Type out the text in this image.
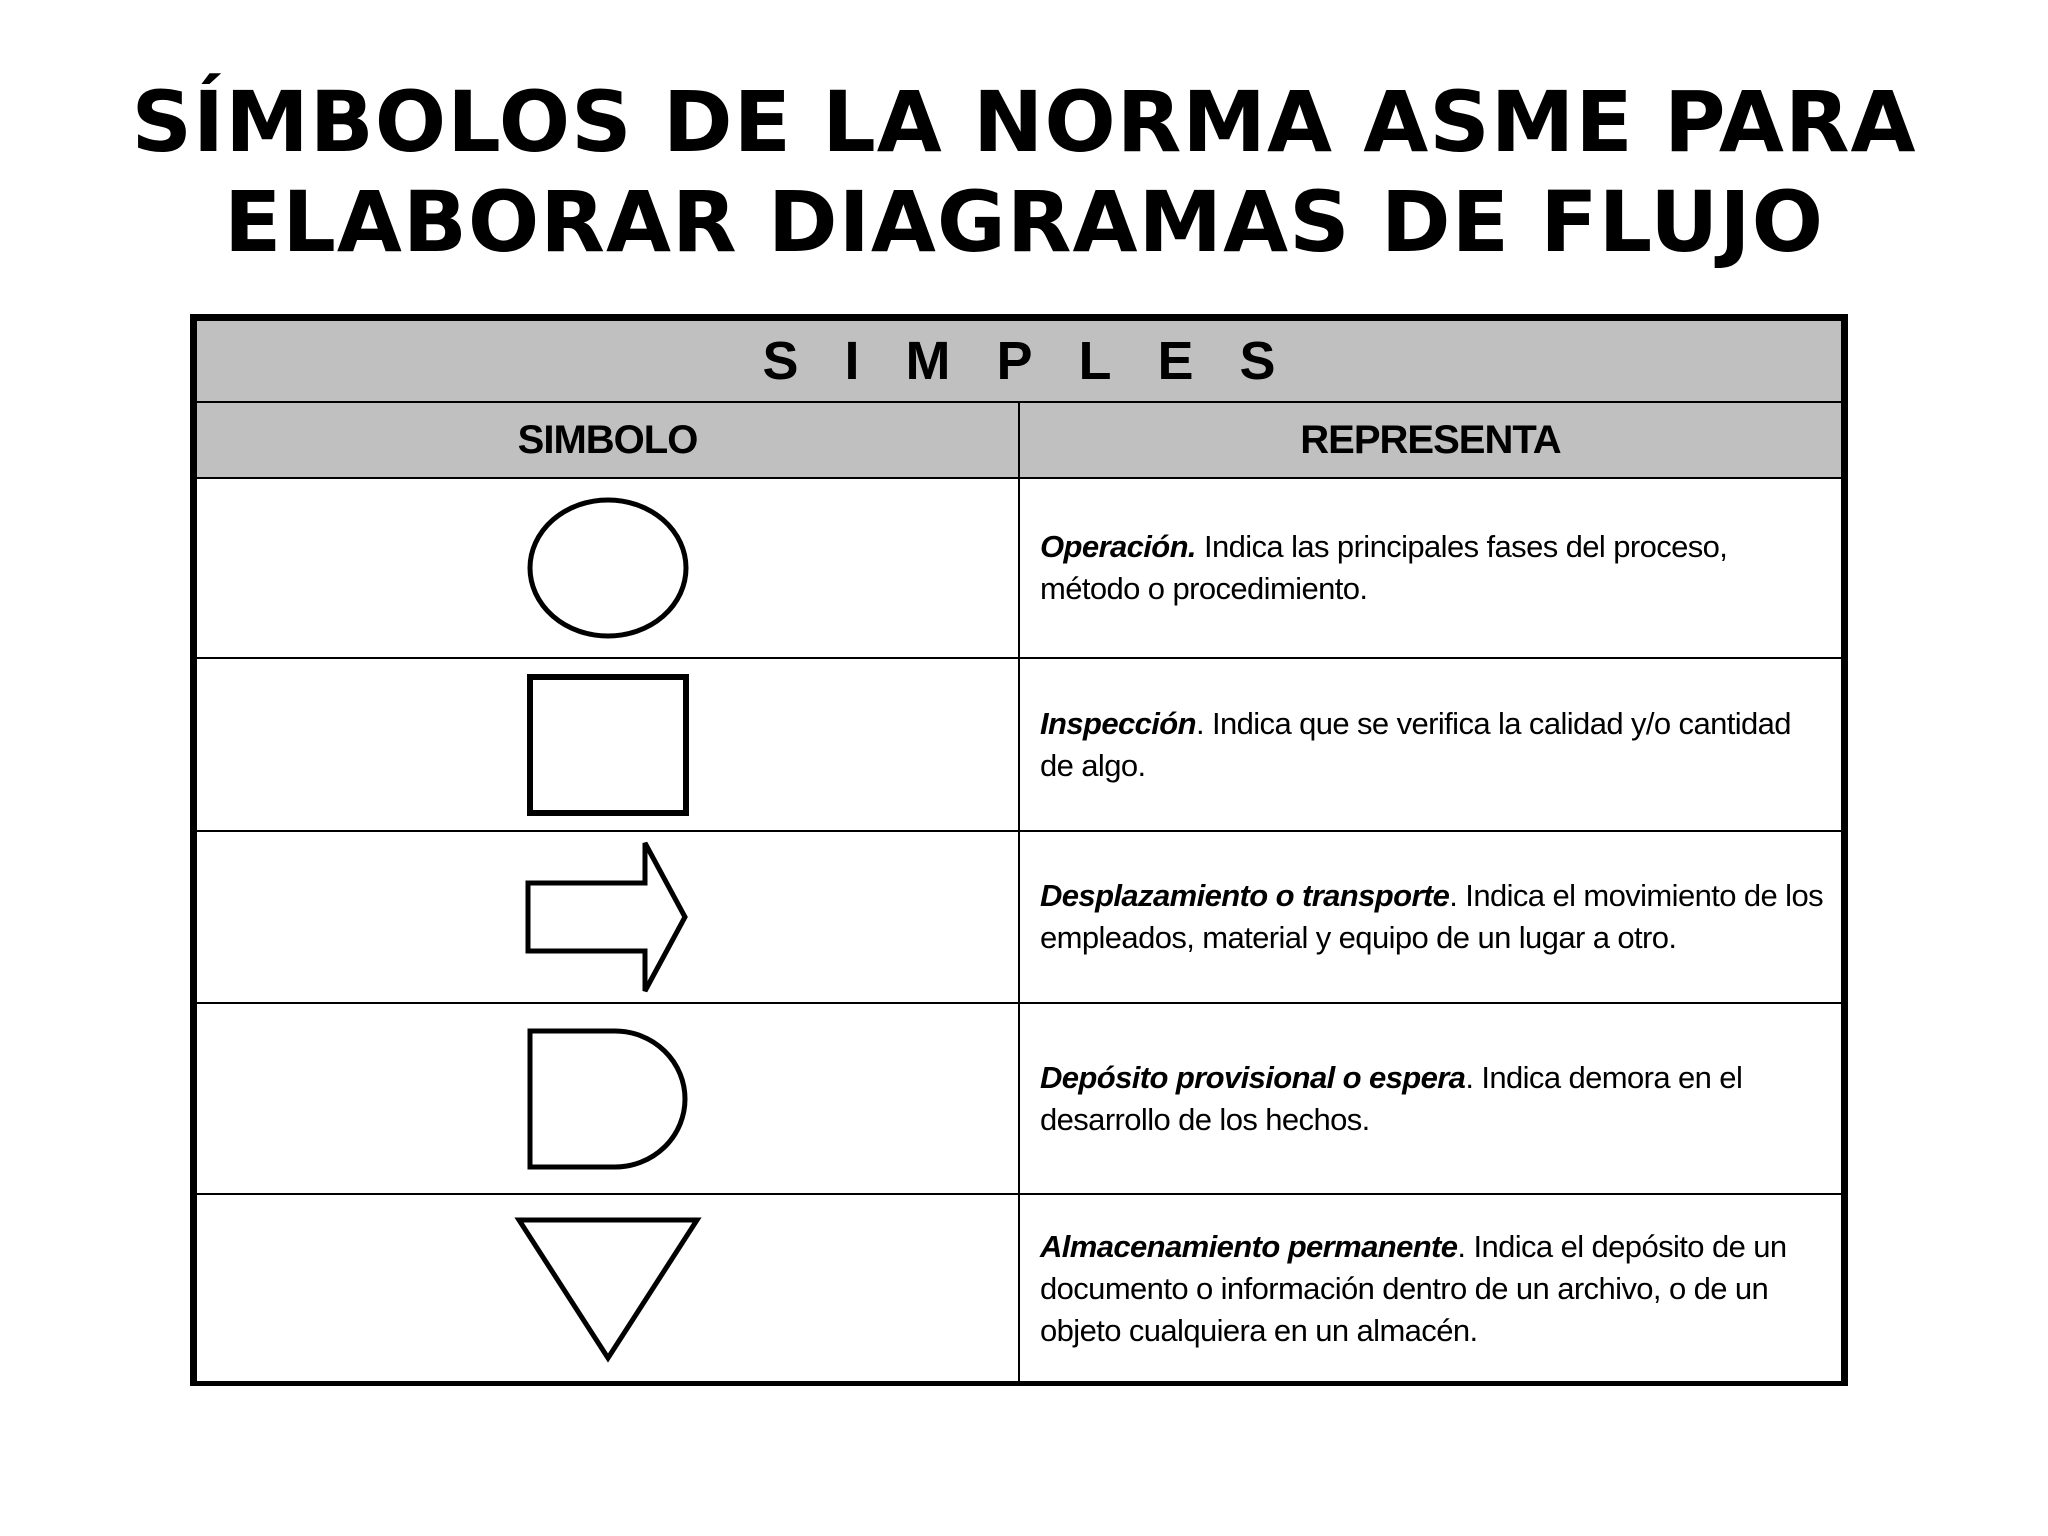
SÍMBOLOS DE LA NORMA ASME PARA
ELABORAR DIAGRAMAS DE FLUJO
SIMPLES	
SIMBOLO	REPRESENTA

	Operación. Indica las principales fases del proceso, método o procedimiento.

	Inspección. Indica que se verifica la calidad y/o cantidad de algo.

	Desplazamiento o transporte. Indica el movimiento de los empleados, material y equipo de un lugar a otro.

	Depósito provisional o espera. Indica demora en el desarrollo de los hechos.

	Almacenamiento permanente. Indica el depósito de un documento o información dentro de un archivo, o de un objeto cualquiera en un almacén.
